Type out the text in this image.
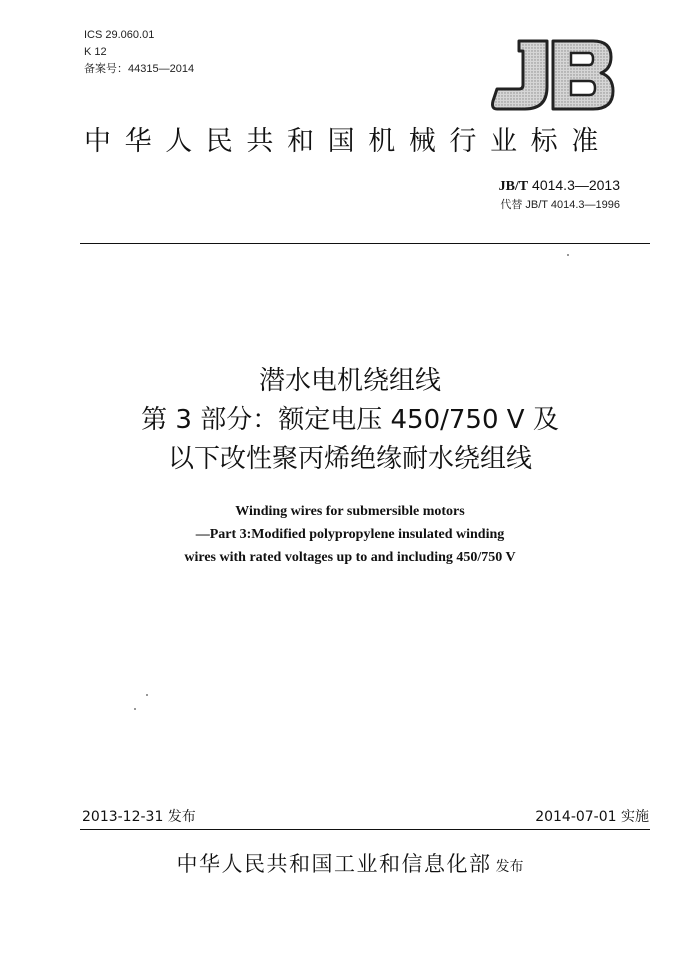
ICS 29.060.01
K 12
备案号：44315—2014
JB
中华人民共和国机械行业标准
JB/T 4014.3—2013
代替 JB/T 4014.3—1996
潜水电机绕组线
第 3 部分：额定电压 450/750 V 及
以下改性聚丙烯绝缘耐水绕组线
Winding wires for submersible motors
—Part 3:Modified polypropylene insulated winding
wires with rated voltages up to and including 450/750 V
2013-12-31 发布	2014-07-01 实施
中华人民共和国工业和信息化部 发布
